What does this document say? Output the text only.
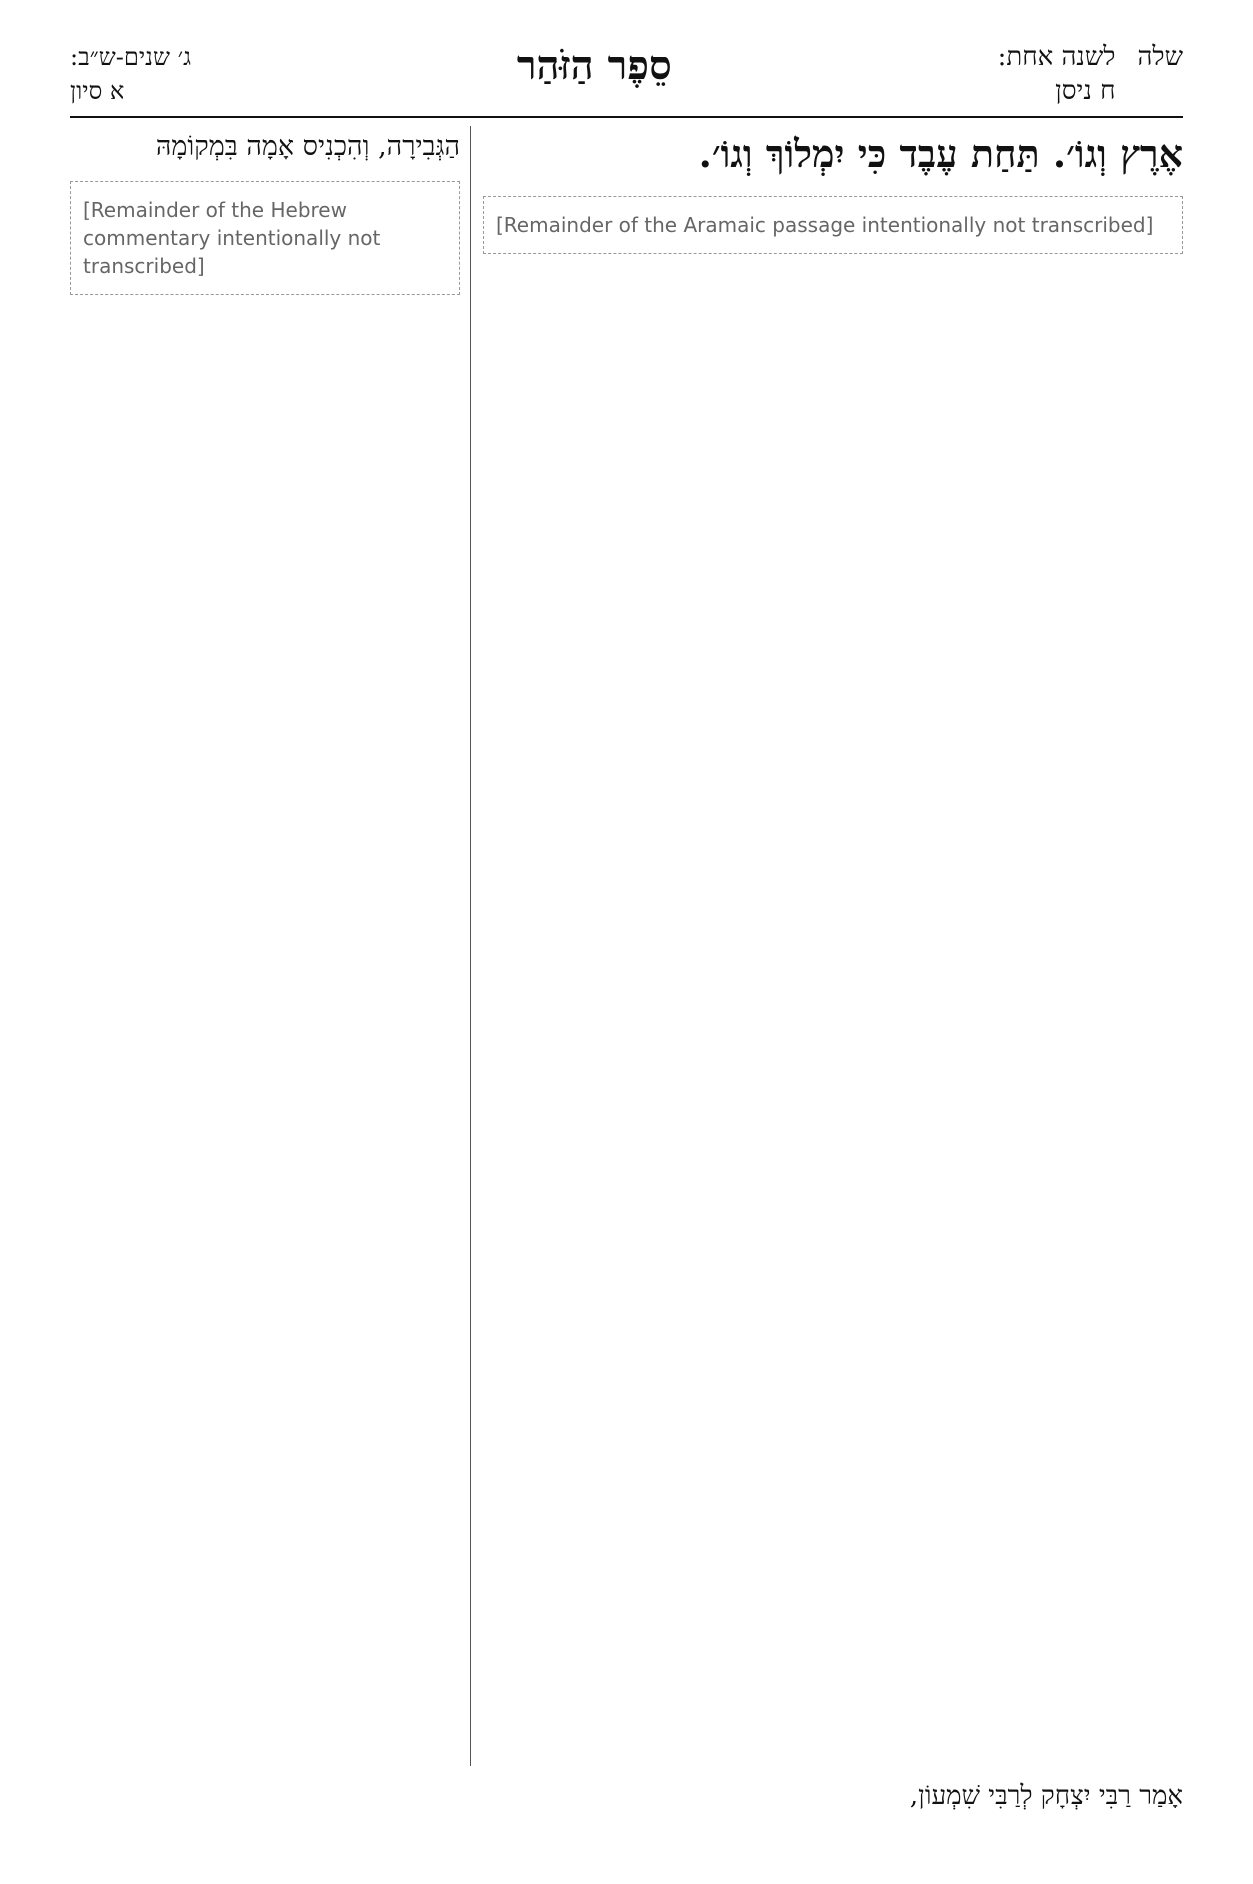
שלה
לשנה אחת:
ח ניסן
סֵפֶר הַזֹּהַר
ג׳ שנים-ש״ב:
א סיון
אֶרֶץ וְגוֹ׳. תַּחַת עֶבֶד כִּי יִמְלוֹךְ וְגוֹ׳.
[Remainder of the Aramaic passage intentionally not transcribed]
הַגְּבִירָה, וְהִכְנִיס אָמָה בִּמְקוֹמָהּ
[Remainder of the Hebrew commentary intentionally not transcribed]
אָמַר רַבִּי יִצְחָק לְרַבִּי שִׁמְעוֹן,
